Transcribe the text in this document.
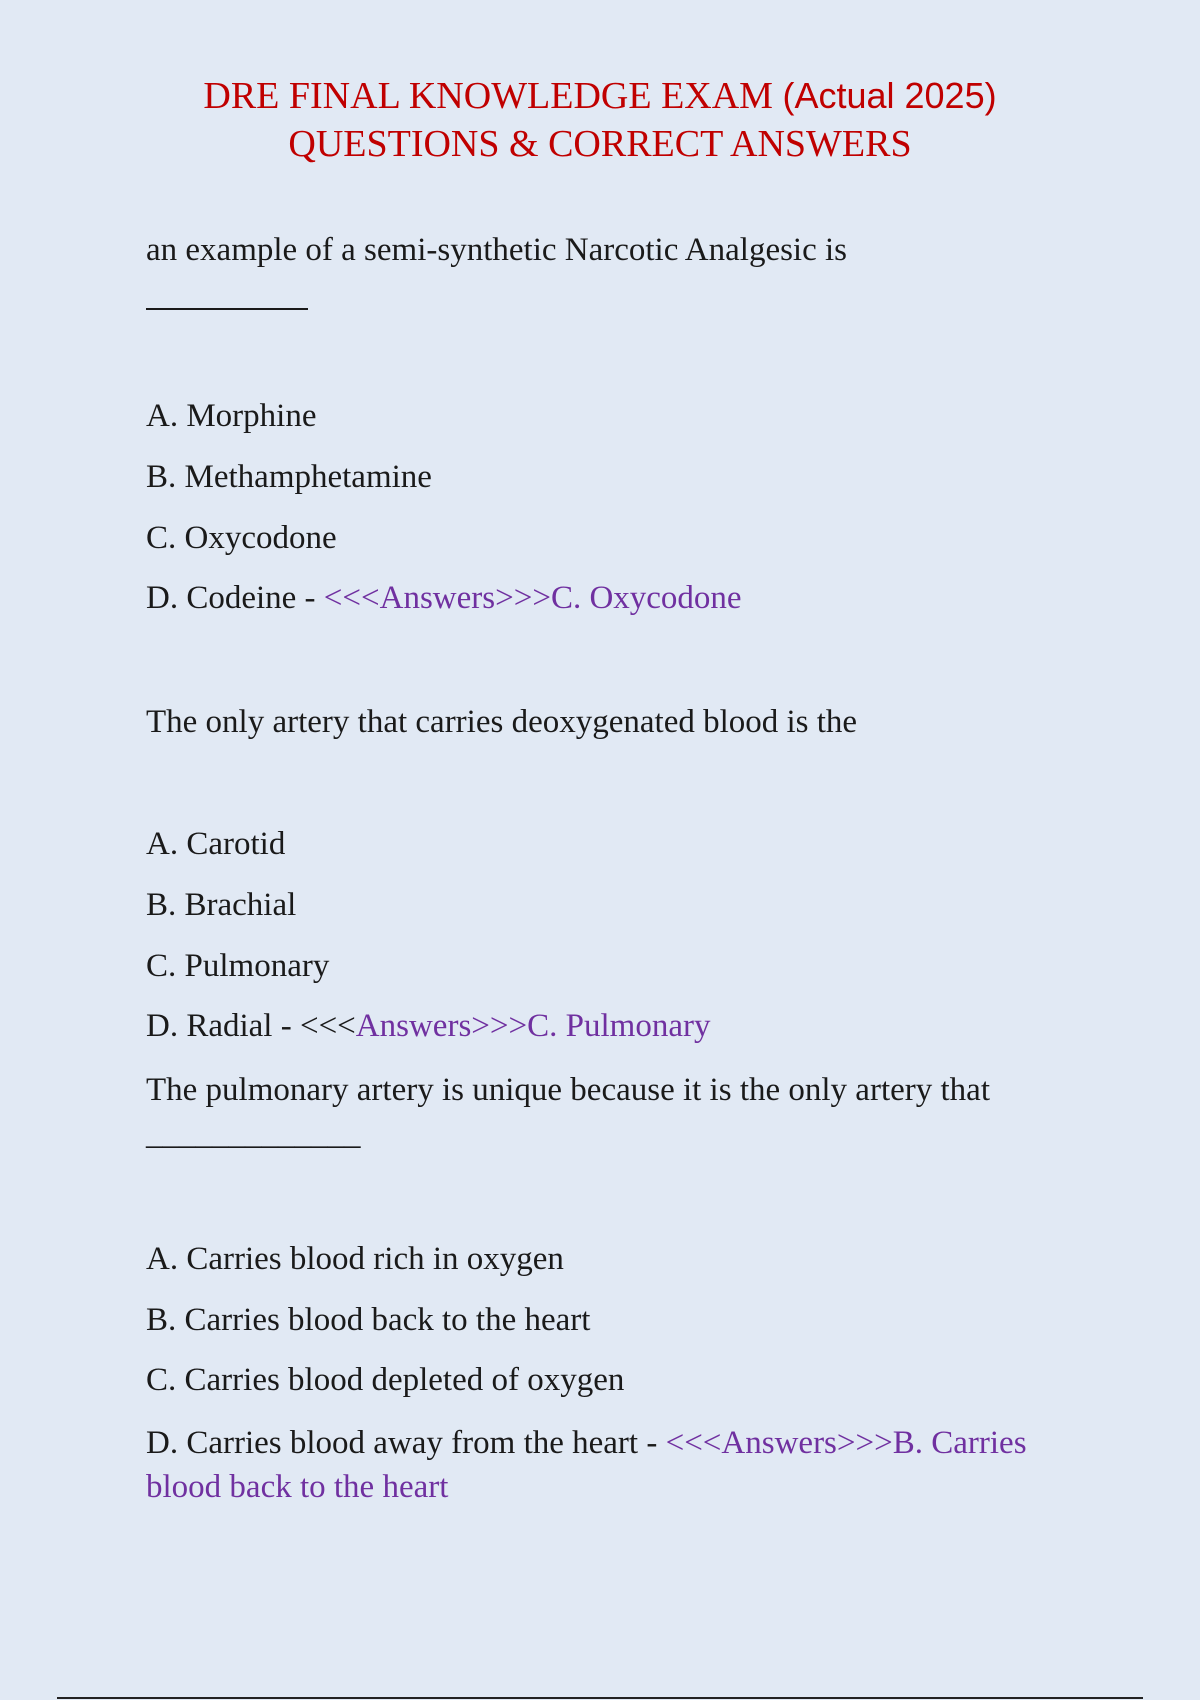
DRE FINAL KNOWLEDGE EXAM (Actual 2025)
QUESTIONS & CORRECT ANSWERS
an example of a semi-synthetic Narcotic Analgesic is
A. Morphine
B. Methamphetamine
C. Oxycodone
D. Codeine - <<<Answers>>>C. Oxycodone
The only artery that carries deoxygenated blood is the
A. Carotid
B. Brachial
C. Pulmonary
D. Radial - <<<Answers>>>C. Pulmonary
The pulmonary artery is unique because it is the only artery that _____________
A. Carries blood rich in oxygen
B. Carries blood back to the heart
C. Carries blood depleted of oxygen
D. Carries blood away from the heart - <<<Answers>>>B. Carries blood back to the heart
